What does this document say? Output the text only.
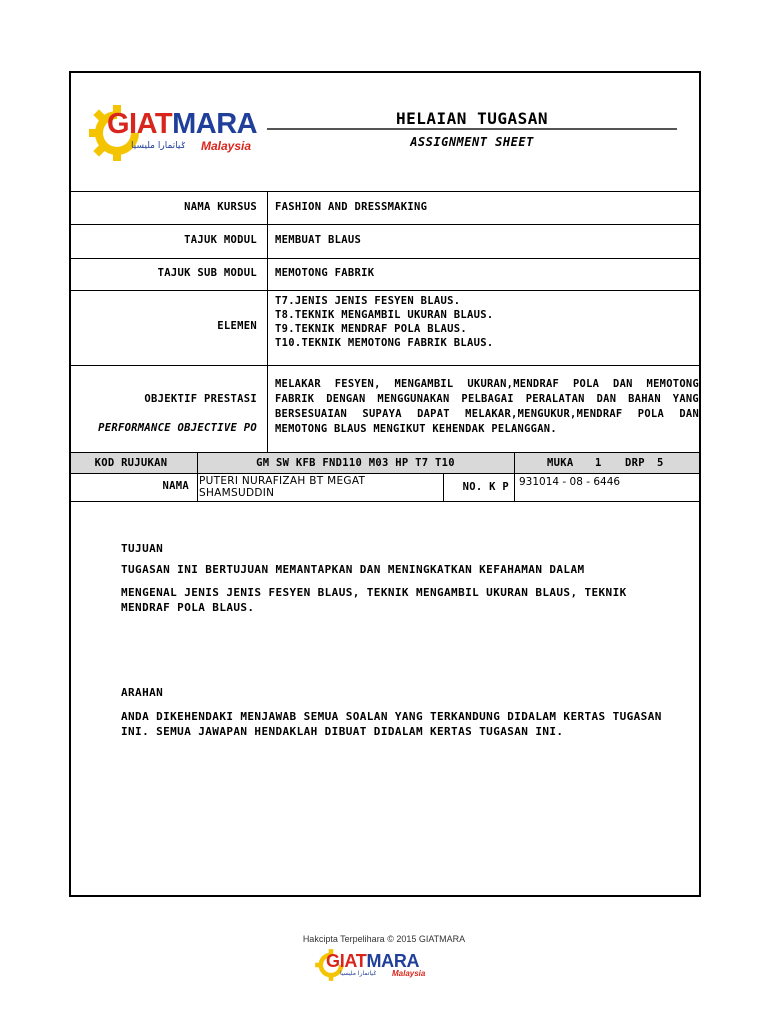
GIATMARA
ݢياتمارا مليسيا Malaysia
HELAIAN TUGASAN
ASSIGNMENT SHEET
NAMA KURSUS FASHION AND DRESSMAKING
TAJUK MODUL MEMBUAT BLAUS
TAJUK SUB MODUL MEMOTONG FABRIK
ELEMEN
T7.JENIS JENIS FESYEN BLAUS.
T8.TEKNIK MENGAMBIL UKURAN BLAUS.
T9.TEKNIK MENDRAF POLA BLAUS.
T10.TEKNIK MEMOTONG FABRIK BLAUS.
OBJEKTIF PRESTASI
PERFORMANCE OBJECTIVE PO
MELAKAR FESYEN, MENGAMBIL UKURAN,MENDRAF POLA DAN MEMOTONG FABRIK DENGAN MENGGUNAKAN PELBAGAI PERALATAN DAN BAHAN YANG BERSESUAIAN SUPAYA DAPAT MELAKAR,MENGUKUR,MENDRAF POLA DAN MEMOTONG BLAUS MENGIKUT KEHENDAK PELANGGAN.
KOD RUJUKAN	GM SW KFB FND110 M03 HP T7 T10	MUKA 1 DRP 5
NAMA PUTERI NURAFIZAH BT MEGAT SHAMSUDDIN	NO. K P 931014 - 08 - 6446
TUJUAN
TUGASAN INI BERTUJUAN MEMANTAPKAN DAN MENINGKATKAN KEFAHAMAN DALAM
MENGENAL JENIS JENIS FESYEN BLAUS, TEKNIK MENGAMBIL UKURAN BLAUS, TEKNIK MENDRAF POLA BLAUS.
ARAHAN
ANDA DIKEHENDAKI MENJAWAB SEMUA SOALAN YANG TERKANDUNG DIDALAM KERTAS TUGASAN INI. SEMUA JAWAPAN HENDAKLAH DIBUAT DIDALAM KERTAS TUGASAN INI.
Hakcipta Terpelihara © 2015 GIATMARA
GIATMARA
ݢياتمارا مليسيا Malaysia
